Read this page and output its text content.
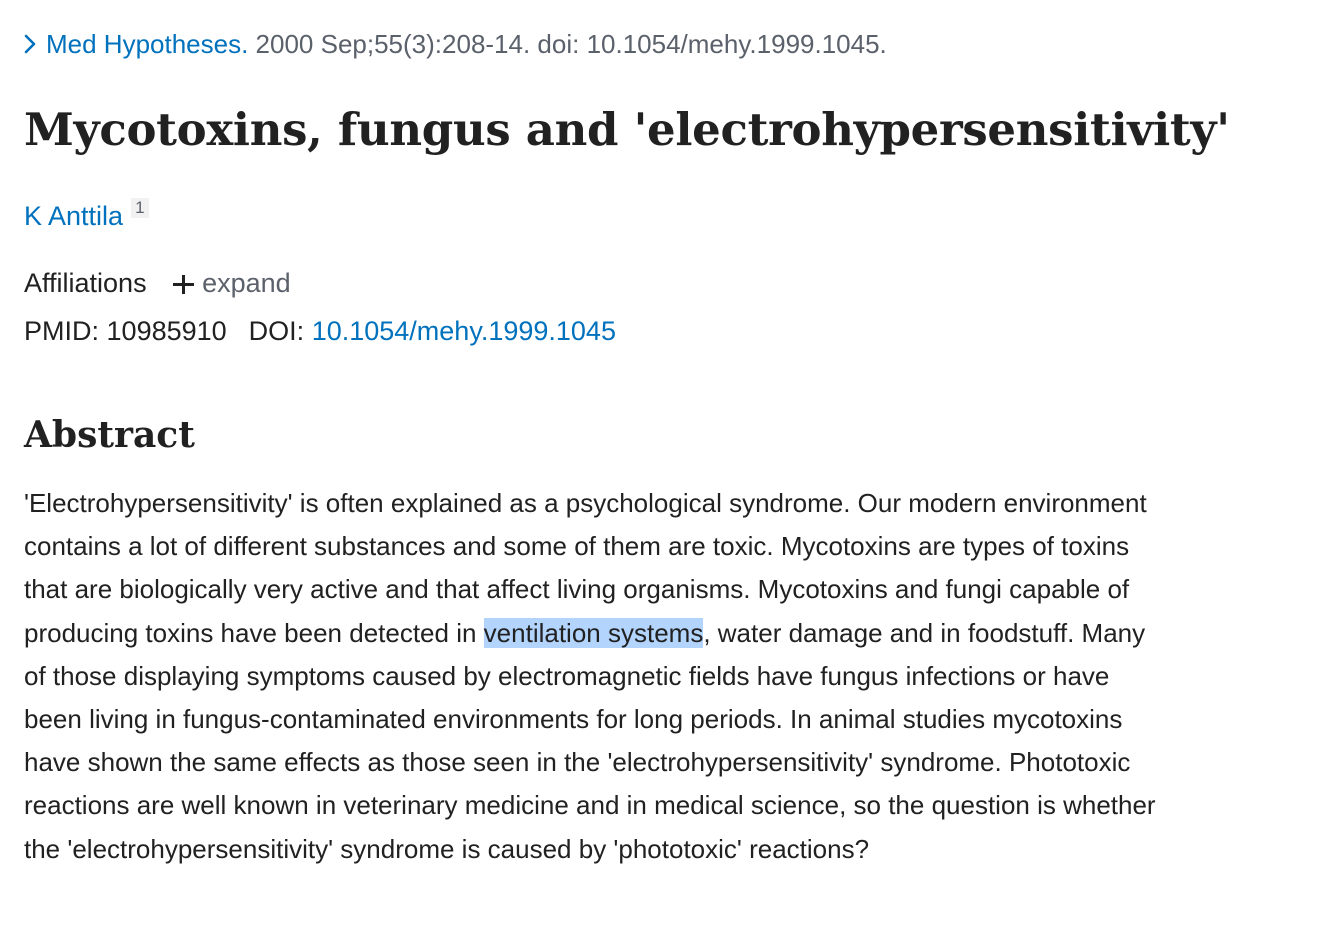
Med Hypotheses. 2000 Sep;55(3):208-14. doi: 10.1054/mehy.1999.1045.
Mycotoxins, fungus and 'electrohypersensitivity'
K Anttila $^1$
Affiliations expand
PMID: 10985910 DOI: 10.1054/mehy.1999.1045
Abstract
'Electrohypersensitivity' is often explained as a psychological syndrome. Our modern environment
contains a lot of different substances and some of them are toxic. Mycotoxins are types of toxins
that are biologically very active and that affect living organisms. Mycotoxins and fungi capable of
producing toxins have been detected in ventilation systems, water damage and in foodstuff. Many
of those displaying symptoms caused by electromagnetic fields have fungus infections or have
been living in fungus-contaminated environments for long periods. In animal studies mycotoxins
have shown the same effects as those seen in the 'electrohypersensitivity' syndrome. Phototoxic
reactions are well known in veterinary medicine and in medical science, so the question is whether
the 'electrohypersensitivity' syndrome is caused by 'phototoxic' reactions?
